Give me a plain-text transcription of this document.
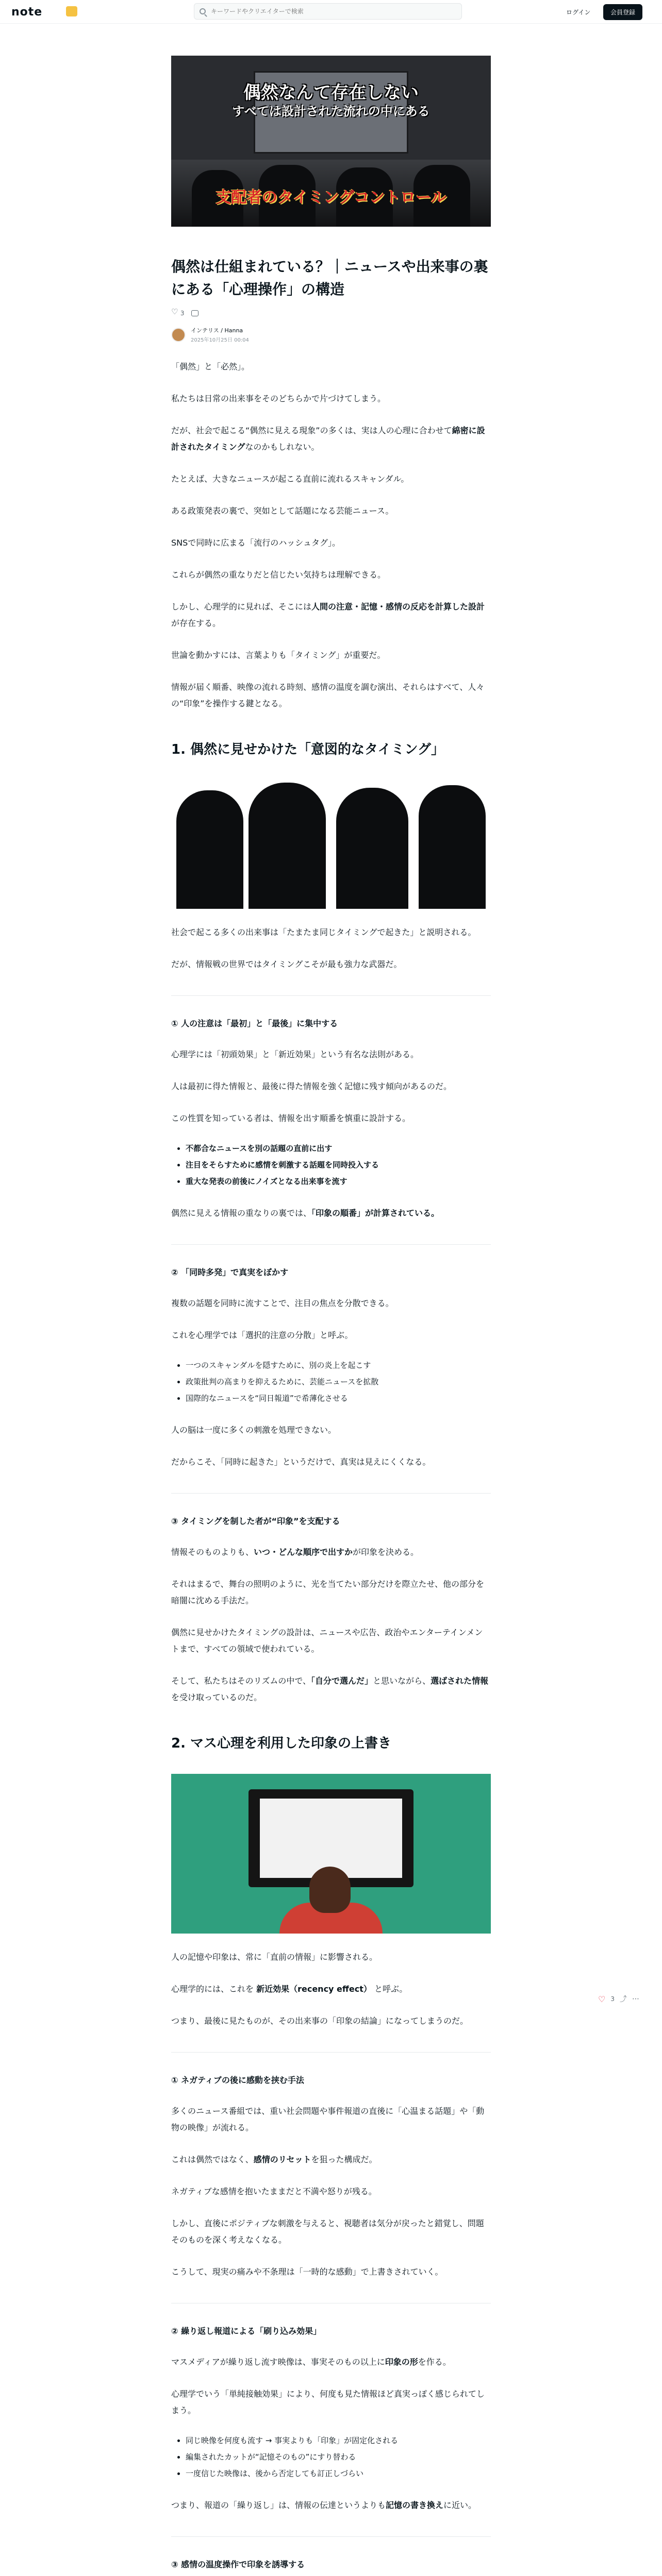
note
キーワードやクリエイターで検索	ログイン	会員登録
偶然なんて存在しない
すべては設計された流れの中にある
支配者のタイミングコントロール
偶然は仕組まれている？｜ニュースや出来事の裏にある「心理操作」の構造
♡ 3
インテリス / Hanna
2025年10月25日 00:04

「偶然」と「必然」。

私たちは日常の出来事をそのどちらかで片づけてしまう。

だが、社会で起こる“偶然に見える現象”の多くは、実は人の心理に合わせて綿密に設計されたタイミングなのかもしれない。

たとえば、大きなニュースが起こる直前に流れるスキャンダル。

ある政策発表の裏で、突如として話題になる芸能ニュース。

SNSで同時に広まる「流行のハッシュタグ」。

これらが偶然の重なりだと信じたい気持ちは理解できる。

しかし、心理学的に見れば、そこには人間の注意・記憶・感情の反応を計算した設計が存在する。

世論を動かすには、言葉よりも「タイミング」が重要だ。

情報が届く順番、映像の流れる時刻、感情の温度を調む演出、それらはすべて、人々の“印象”を操作する鍵となる。

1. 偶然に見せかけた「意図的なタイミング」

社会で起こる多くの出来事は「たまたま同じタイミングで起きた」と説明される。

だが、情報戦の世界ではタイミングこそが最も強力な武器だ。

① 人の注意は「最初」と「最後」に集中する

心理学には「初頭効果」と「新近効果」という有名な法則がある。

人は最初に得た情報と、最後に得た情報を強く記憶に残す傾向があるのだ。

この性質を知っている者は、情報を出す順番を慎重に設計する。

• 不都合なニュースを別の話題の直前に出す
• 注目をそらすために感情を刺激する話題を同時投入する
• 重大な発表の前後にノイズとなる出来事を流す

偶然に見える情報の重なりの裏では、「印象の順番」が計算されている。

② 「同時多発」で真実をぼかす

複数の話題を同時に流すことで、注目の焦点を分散できる。

これを心理学では「選択的注意の分散」と呼ぶ。

• 一つのスキャンダルを隠すために、別の炎上を起こす
• 政策批判の高まりを抑えるために、芸能ニュースを拡散
• 国際的なニュースを“同日報道”で希薄化させる

人の脳は一度に多くの刺激を処理できない。

だからこそ、「同時に起きた」というだけで、真実は見えにくくなる。

③ タイミングを制した者が“印象”を支配する

情報そのものよりも、いつ・どんな順序で出すかが印象を決める。

それはまるで、舞台の照明のように、光を当てたい部分だけを際立たせ、他の部分を暗闇に沈める手法だ。

偶然に見せかけたタイミングの設計は、ニュースや広告、政治やエンターテインメントまで、すべての領域で使われている。

そして、私たちはそのリズムの中で、「自分で選んだ」と思いながら、選ばされた情報を受け取っているのだ。

2. マス心理を利用した印象の上書き

人の記憶や印象は、常に「直前の情報」に影響される。

心理学的には、これを 新近効果（recency effect） と呼ぶ。

つまり、最後に見たものが、その出来事の「印象の結論」になってしまうのだ。

① ネガティブの後に感動を挟む手法

多くのニュース番組では、重い社会問題や事件報道の直後に「心温まる話題」や「動物の映像」が流れる。

これは偶然ではなく、感情のリセットを狙った構成だ。

ネガティブな感情を抱いたままだと不満や怒りが残る。

しかし、直後にポジティブな刺激を与えると、視聴者は気分が戻ったと錯覚し、問題そのものを深く考えなくなる。

こうして、現実の痛みや不条理は「一時的な感動」で上書きされていく。

② 繰り返し報道による「刷り込み効果」

マスメディアが繰り返し流す映像は、事実そのもの以上に印象の形を作る。

心理学でいう「単純接触効果」により、何度も見た情報ほど真実っぽく感じられてしまう。

• 同じ映像を何度も流す → 事実よりも「印象」が固定化される
• 編集されたカットが“記憶そのもの”にすり替わる
• 一度信じた映像は、後から否定しても訂正しづらい

つまり、報道の「繰り返し」は、情報の伝達というよりも記憶の書き換えに近い。

③ 感情の温度操作で印象を誘導する

♡ 3 ⤴ ⋯
